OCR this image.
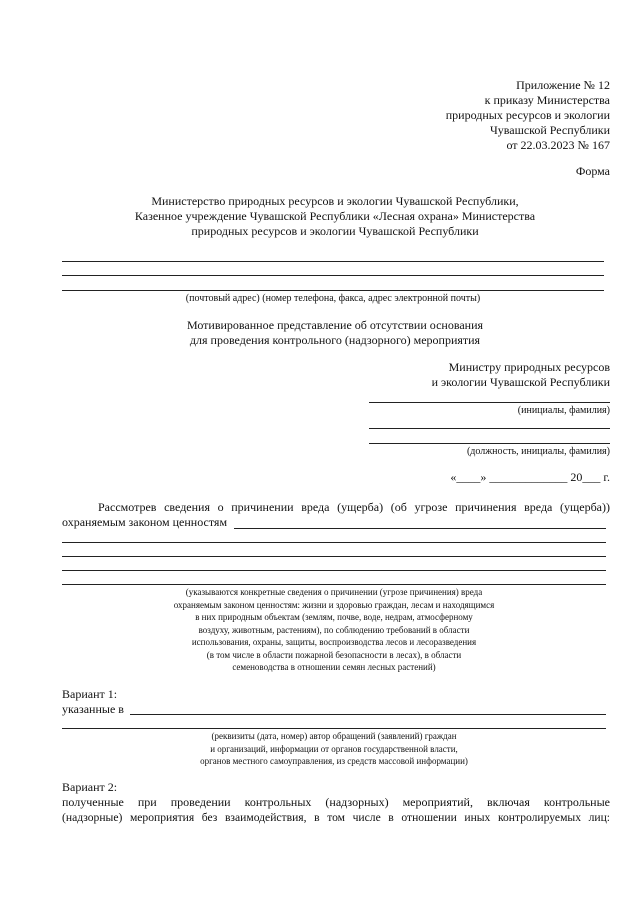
Приложение № 12
к приказу Министерства
природных ресурсов и экологии
Чувашской Республики
от 22.03.2023 № 167
Форма
Министерство природных ресурсов и экологии Чувашской Республики,
Казенное учреждение Чувашской Республики «Лесная охрана» Министерства
природных ресурсов и экологии Чувашской Республики
(почтовый адрес) (номер телефона, факса, адрес электронной почты)
Мотивированное представление об отсутствии основания
для проведения контрольного (надзорного) мероприятия
Министру природных ресурсов
и экологии Чувашской Республики
(инициалы, фамилия)
(должность, инициалы, фамилия)
«____» _____________ 20___ г.
Рассмотрев сведения о причинении вреда (ущерба) (об угрозе причинения вреда (ущерба))
охраняемым законом ценностям
(указываются конкретные сведения о причинении (угрозе причинения) вреда
охраняемым законом ценностям: жизни и здоровью граждан, лесам и находящимся
в них природным объектам (землям, почве, воде, недрам, атмосферному
воздуху, животным, растениям), по соблюдению требований в области
использования, охраны, защиты, воспроизводства лесов и лесоразведения
(в том числе в области пожарной безопасности в лесах), в области
семеноводства в отношении семян лесных растений)
Вариант 1:
указанные в
(реквизиты (дата, номер) автор обращений (заявлений) граждан
и организаций, информации от органов государственной власти,
органов местного самоуправления, из средств массовой информации)
Вариант 2:
полученные при проведении контрольных (надзорных) мероприятий, включая контрольные
(надзорные) мероприятия без взаимодействия, в том числе в отношении иных контролируемых лиц:
